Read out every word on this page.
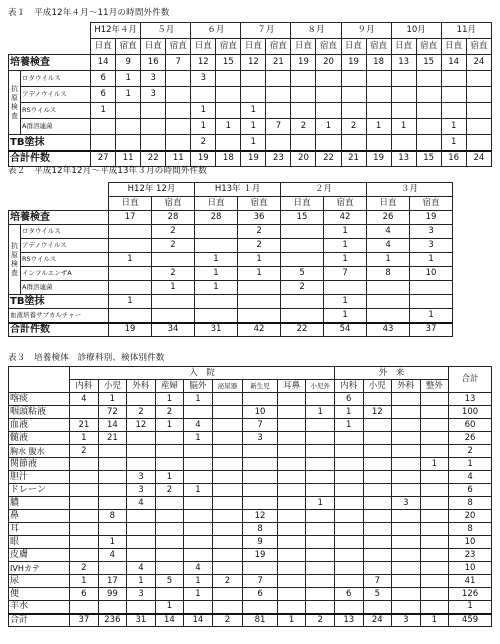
表１　平成12年４月～11月の時間外件数
		H12年４月		５月		６月		７月		８月		９月		10月		11月	
		日直	宿直	日直	宿直	日直	宿直	日直	宿直	日直	宿直	日直	宿直	日直	宿直	日直	宿直
培養検査		14	9	16	7	12	15	12	21	19	20	19	18	13	15	14	24
抗原検査	ロタウイルス	6	1	3		3											
	アデノウイルス	6	1	3													
	RSウイルス	1				1		1									
	A群溶連菌					1	1	1	7	2	1	2	1	1		1	
TB塗抹						2		1								1	
合計件数		27	11	22	11	19	18	19	23	20	22	21	19	13	15	16	24
表２　平成12年12月～平成13年３月の時間外件数
		H12年 12月		H13年 １月		２月		３月	
		日直	宿直	日直	宿直	日直	宿直	日直	宿直
培養検査		17	28	28	36	15	42	26	19
抗原検査	ロタウイルス		2		2		1	4	3
	アデノウイルス		2		2		1	4	3
	RSウイルス	1		1	1		1	1	1
	インフルエンザA		2	1	1	5	7	8	10
	A群溶連菌		1	1		2			
TB塗抹		1					1		
血液培養サブカルチャー							1		1
合計件数		19	34	31	42	22	54	43	37
表３　培養検体　診療科別、検体別件数
	入　院									外　来				合計
	内科	小児	外科	産婦	脳外	泌尿器	新生児	耳鼻	小児外	内科	小児	外科	整外	
喀痰	4	1		1	1					6				13
咽頭粘液		72	2	2			10		1	1	12			100
血液	21	14	12	1	4		7			1				60
髄液	1	21			1		3							26
胸水 腹水	2													2
関節液													1	1
胆汁			3	1										4
ドレーン			3	2	1									6
膿			4						1			3		8
鼻		8					12							20
耳							8							8
眼		1					9							10
皮膚		4					19							23
IVHカテ	2		4		4									10
尿	1	17	1	5	1	2	7				7			41
便	6	99	3		1		6			6	5			126
羊水				1										1
合計	37	236	31	14	14	2	81	1	2	13	24	3	1	459
